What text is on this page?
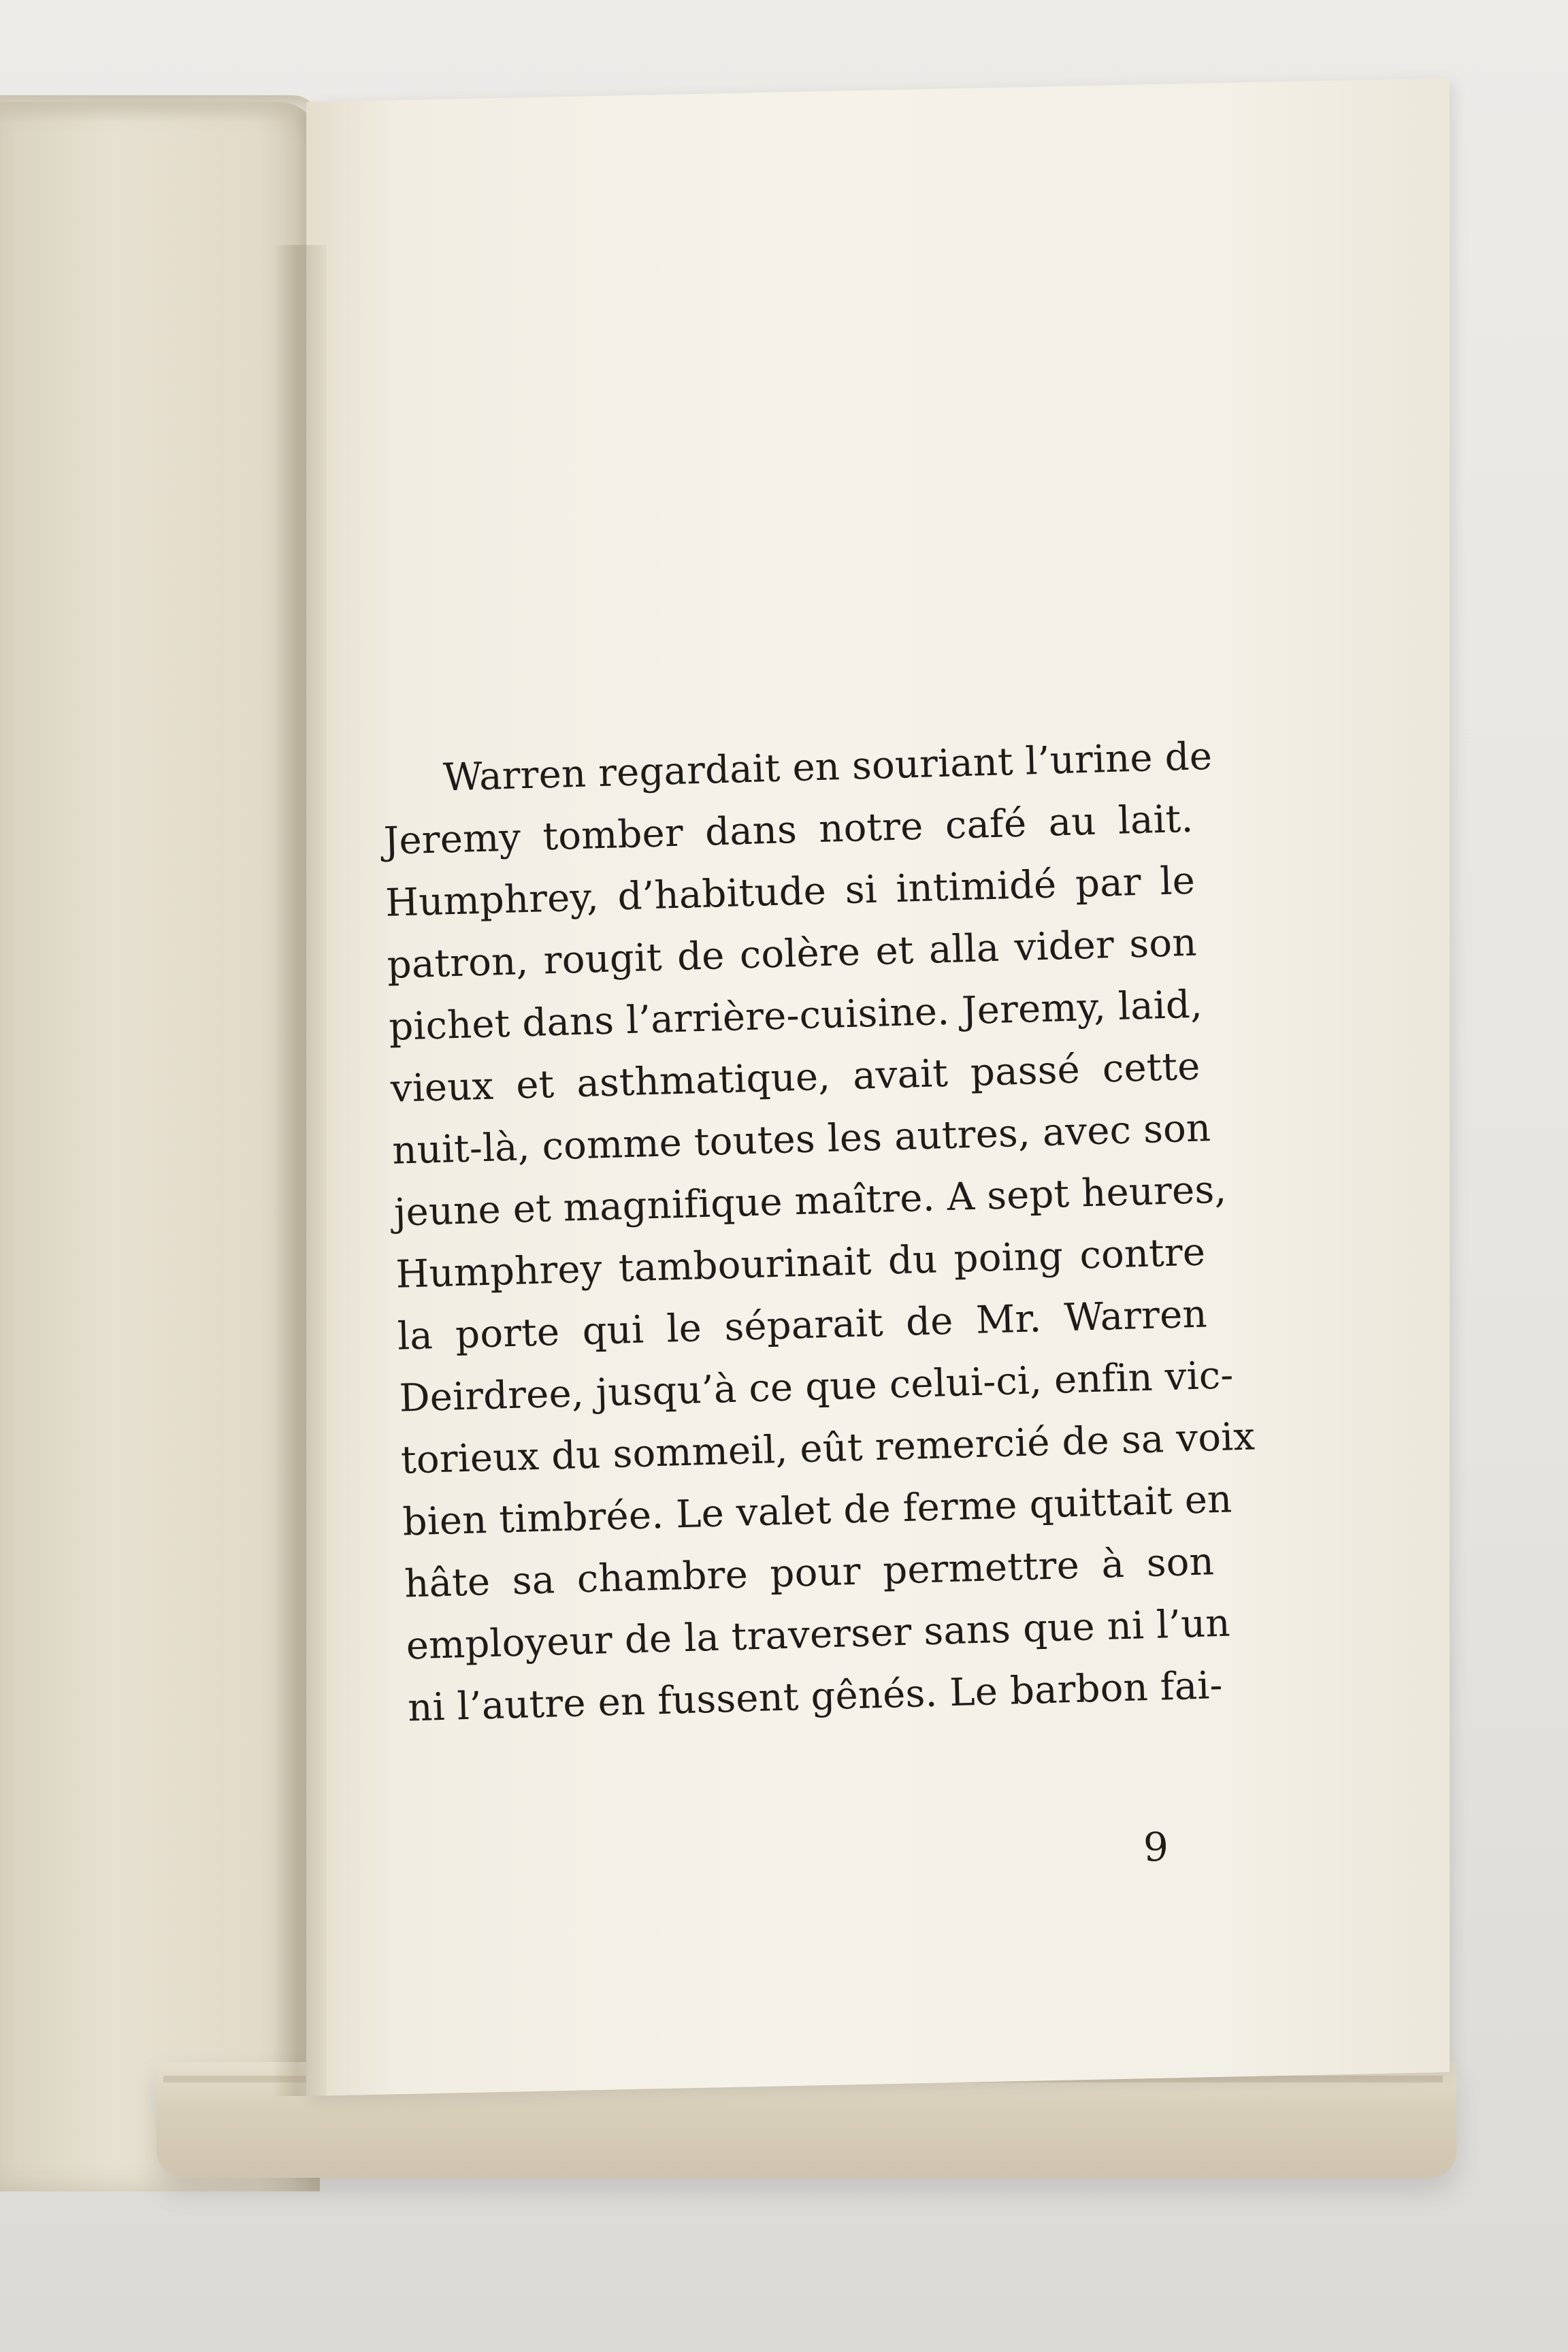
Warren regardait en souriant l’urine de
Jeremy tomber dans notre café au lait.
Humphrey, d’habitude si intimidé par le
patron, rougit de colère et alla vider son
pichet dans l’arrière-cuisine. Jeremy, laid,
vieux et asthmatique, avait passé cette
nuit-là, comme toutes les autres, avec son
jeune et magnifique maître. A sept heures,
Humphrey tambourinait du poing contre
la porte qui le séparait de Mr. Warren
Deirdree, jusqu’à ce que celui-ci, enfin vic-
torieux du sommeil, eût remercié de sa voix
bien timbrée. Le valet de ferme quittait en
hâte sa chambre pour permettre à son
employeur de la traverser sans que ni l’un
ni l’autre en fussent gênés. Le barbon fai-
9
